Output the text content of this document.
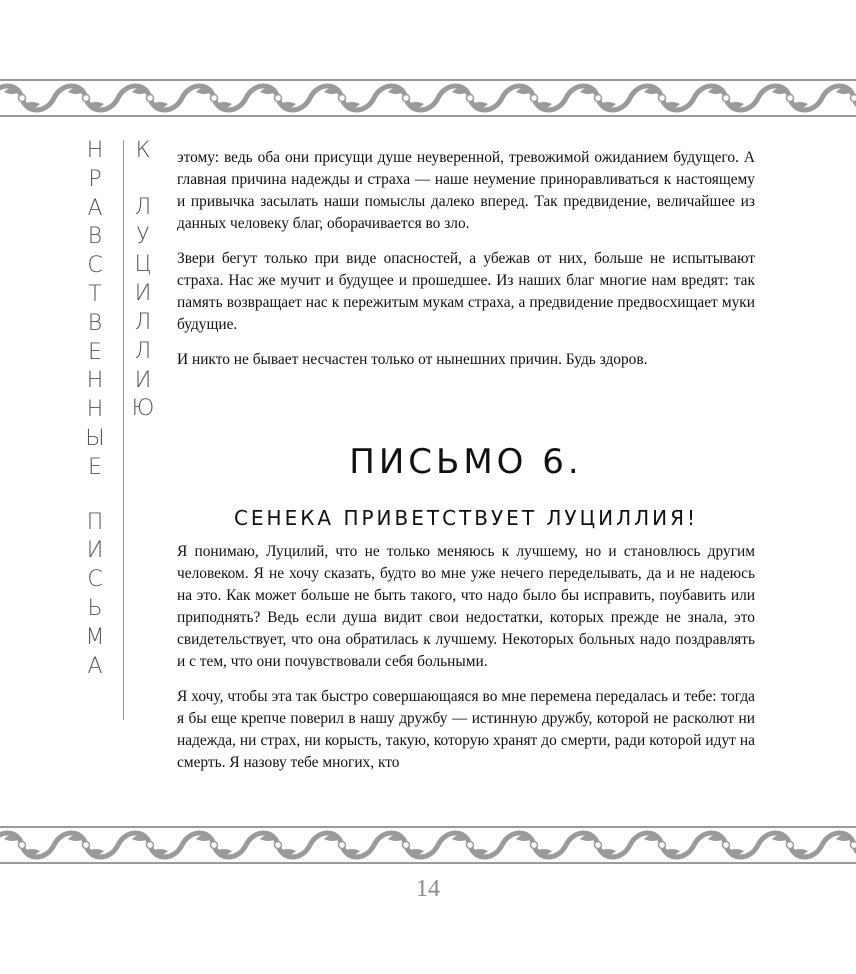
Н
Р
А
В
С
Т
В
Е
Н
Н
Ы
Е
П
И
С
Ь
М
А
К
Л
У
Ц
И
Л
Л
И
Ю

этому: ведь оба они присущи душе неуверенной, тревожимой ожиданием будущего. А главная причина надежды и страха — наше неумение приноравливаться к настоящему и привычка засылать наши помыслы далеко вперед. Так предвидение, величайшее из данных человеку благ, оборачивается во зло.

Звери бегут только при виде опасностей, а убежав от них, больше не испытывают страха. Нас же мучит и будущее и прошедшее. Из наших благ многие нам вредят: так память возвращает нас к пережитым мукам страха, а предвидение предвосхищает муки будущие.

И никто не бывает несчастен только от нынешних причин. Будь здоров.

ПИСЬМО 6.
СЕНЕКА ПРИВЕТСТВУЕТ ЛУЦИЛЛИЯ!

Я понимаю, Луцилий, что не только меняюсь к лучшему, но и становлюсь другим человеком. Я не хочу сказать, будто во мне уже нечего переделывать, да и не надеюсь на это. Как может больше не быть такого, что надо было бы исправить, поубавить или приподнять? Ведь если душа видит свои недостатки, которых прежде не знала, это свидетельствует, что она обратилась к лучшему. Некоторых больных надо поздравлять и с тем, что они почувствовали себя больными.

Я хочу, чтобы эта так быстро совершающаяся во мне перемена передалась и тебе: тогда я бы еще крепче поверил в нашу дружбу — истинную дружбу, которой не расколют ни надежда, ни страх, ни корысть, такую, которую хранят до смерти, ради которой идут на смерть. Я назову тебе многих, кто

14
